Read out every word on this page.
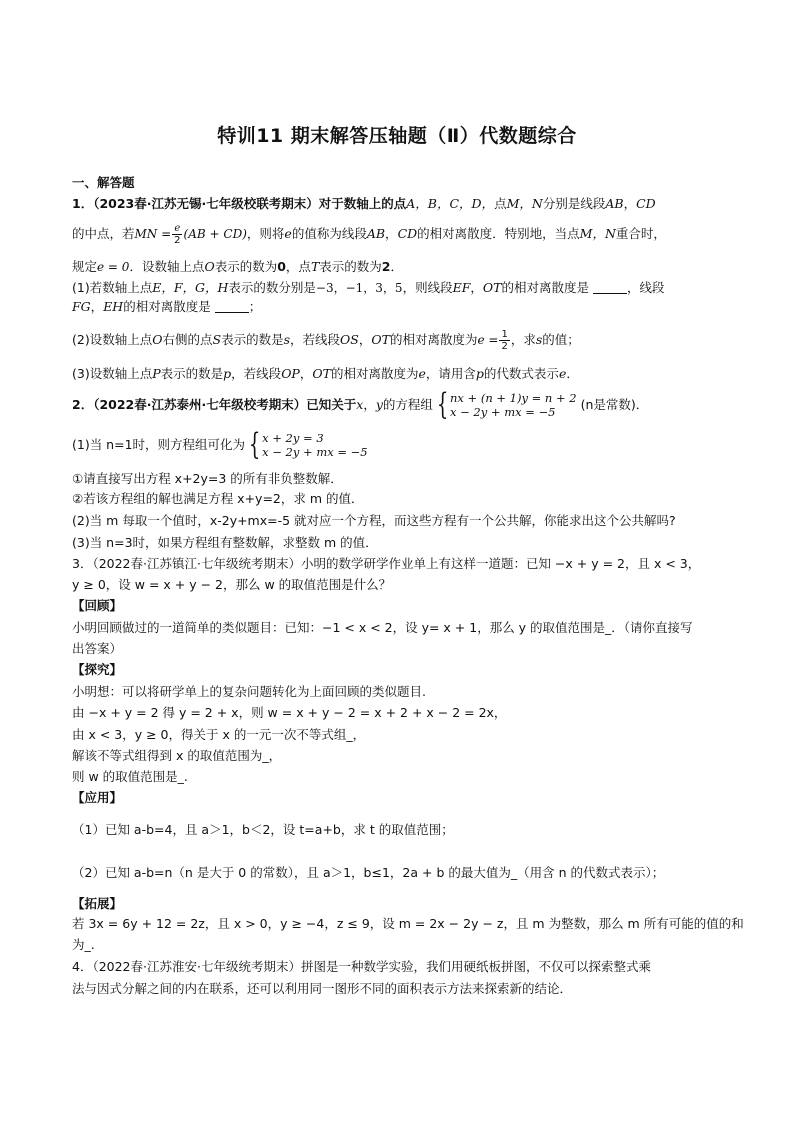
特训11 期末解答压轴题（Ⅱ）代数题综合
一、解答题
1．（2023春·江苏无锡·七年级校联考期末）对于数轴上的点A，B，C，D，点M，N分别是线段AB，CD
的中点，若 MN = $\frac{e}{2} (AB + CD)$ ，则将 e 的值称为线段 AB ， CD 的相对离散度．特别地，当点 M，N 重合时，
规定e = 0．设数轴上点O表示的数为0，点T表示的数为2．
(1)若数轴上点E，F，G，H表示的数分别是−3，−1，3，5，则线段EF，OT的相对离散度是	，线段
FG，EH的相对离散度是	；
(2)设数轴上点 O 右侧的点 S 表示的数是 s ，若线段 OS ， OT 的相对离散度为 $e = \frac{1}{2}$ ，求 s 的值；
(3)设数轴上点P表示的数是p，若线段OP，OT的相对离散度为e，请用含p的代数式表示e．
2．（2022春·江苏泰州·七年级校考期末）已知关于 x ， y 的方程组 { nx + (n + 1)y = n + 2
x − 2y + mx = −5	(n是常数)．
(1)当 n=1时，则方程组可化为 { x + 2y = 3
x − 2y + mx = −5
①请直接写出方程 x+2y=3 的所有非负整数解．
②若该方程组的解也满足方程 x+y=2，求 m 的值．
(2)当 m 每取一个值时，x-2y+mx=-5 就对应一个方程，而这些方程有一个公共解，你能求出这个公共解吗?
(3)当 n=3时，如果方程组有整数解，求整数 m 的值．
3．（2022春·江苏镇江·七年级统考期末）小明的数学研学作业单上有这样一道题：已知 −x + y = 2，且 x < 3，
y ≥ 0，设 w = x + y − 2，那么 w 的取值范围是什么？
【回顾】
小明回顾做过的一道简单的类似题目：已知：−1 < x < 2，设 y= x + 1，那么 y 的取值范围是_．（请你直接写
出答案）
【探究】
小明想：可以将研学单上的复杂问题转化为上面回顾的类似题目.
由 −x + y = 2 得 y = 2 + x，则 w = x + y − 2 = x + 2 + x − 2 = 2x，
由 x < 3，y ≥ 0，得关于 x 的一元一次不等式组_，
解该不等式组得到 x 的取值范围为_，
则 w 的取值范围是_.
【应用】
（1）已知 a-b=4，且 a＞1，b＜2，设 t=a+b，求 t 的取值范围；
（2）已知 a-b=n（n 是大于 0 的常数），且 a＞1，b≤1，2a + b 的最大值为_（用含 n 的代数式表示）；
【拓展】
若 3x = 6y + 12 = 2z，且 x > 0，y ≥ −4，z ≤ 9，设 m = 2x − 2y − z，且 m 为整数，那么 m 所有可能的值的和
为_.
4．（2022春·江苏淮安·七年级统考期末）拼图是一种数学实验，我们用硬纸板拼图，不仅可以探索整式乘
法与因式分解之间的内在联系，还可以利用同一图形不同的面积表示方法来探索新的结论．
